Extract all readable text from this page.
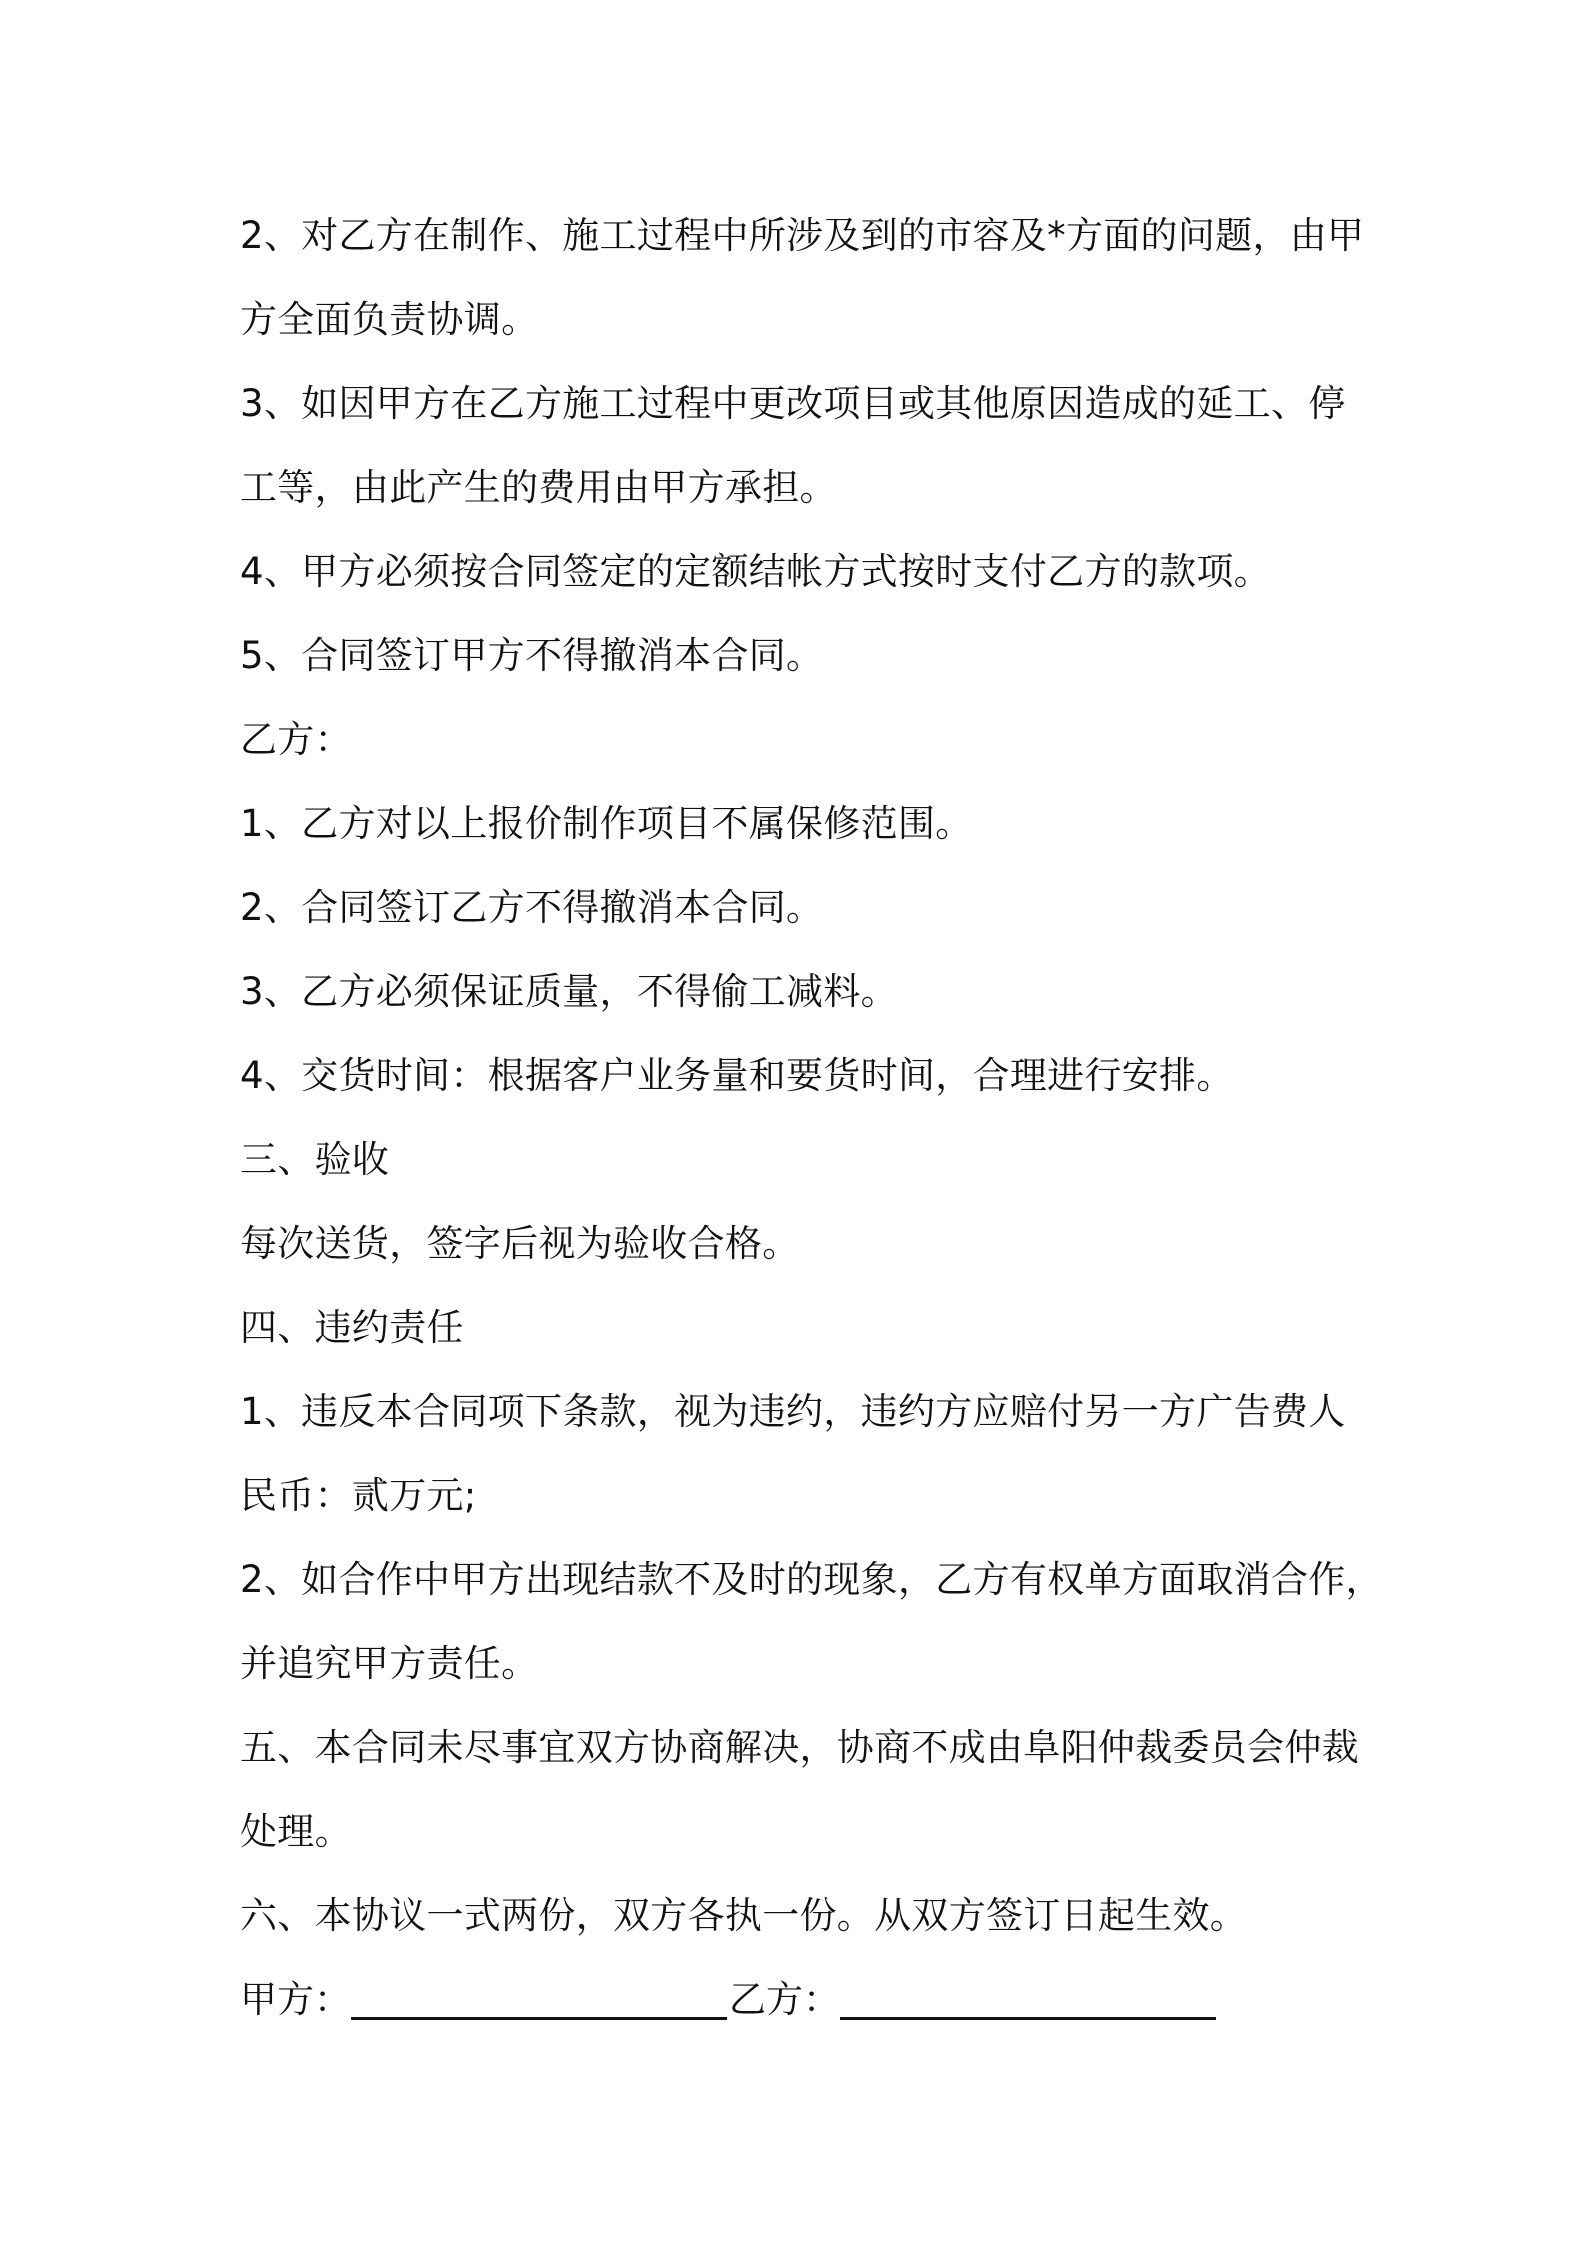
2、对乙方在制作、施工过程中所涉及到的市容及*方面的问题，由甲
方全面负责协调。
3、如因甲方在乙方施工过程中更改项目或其他原因造成的延工、停
工等，由此产生的费用由甲方承担。
4、甲方必须按合同签定的定额结帐方式按时支付乙方的款项。
5、合同签订甲方不得撤消本合同。
乙方：
1、乙方对以上报价制作项目不属保修范围。
2、合同签订乙方不得撤消本合同。
3、乙方必须保证质量，不得偷工减料。
4、交货时间：根据客户业务量和要货时间，合理进行安排。
三、验收
每次送货，签字后视为验收合格。
四、违约责任
1、违反本合同项下条款，视为违约，违约方应赔付另一方广告费人
民币：贰万元;
2、如合作中甲方出现结款不及时的现象，乙方有权单方面取消合作，
并追究甲方责任。
五、本合同未尽事宜双方协商解决，协商不成由阜阳仲裁委员会仲裁
处理。
六、本协议一式两份，双方各执一份。从双方签订日起生效。
甲方：	乙方：
